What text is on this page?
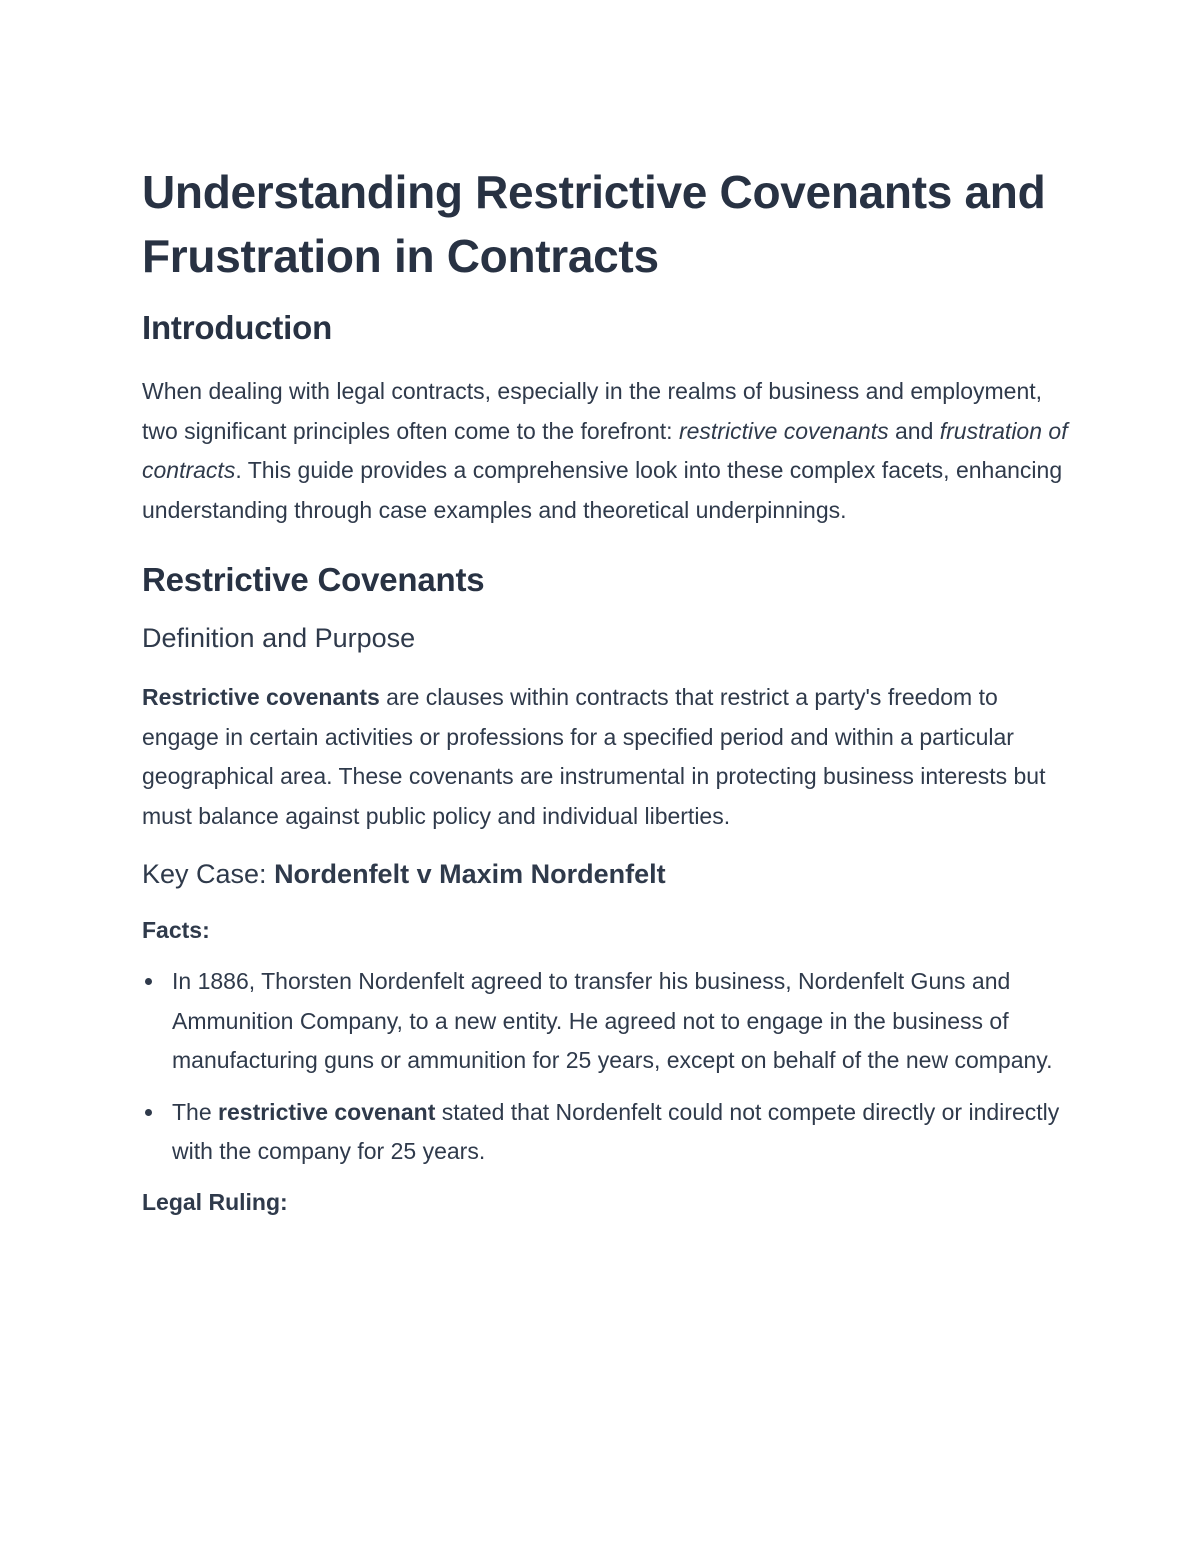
Understanding Restrictive Covenants and Frustration in Contracts
Introduction

When dealing with legal contracts, especially in the realms of business and employment, two significant principles often come to the forefront: restrictive covenants and frustration of contracts. This guide provides a comprehensive look into these complex facets, enhancing understanding through case examples and theoretical underpinnings.

Restrictive Covenants
Definition and Purpose

Restrictive covenants are clauses within contracts that restrict a party's freedom to engage in certain activities or professions for a specified period and within a particular geographical area. These covenants are instrumental in protecting business interests but must balance against public policy and individual liberties.

Key Case: Nordenfelt v Maxim Nordenfelt
Facts:
In 1886, Thorsten Nordenfelt agreed to transfer his business, Nordenfelt Guns and Ammunition Company, to a new entity. He agreed not to engage in the business of manufacturing guns or ammunition for 25 years, except on behalf of the new company.
The restrictive covenant stated that Nordenfelt could not compete directly or indirectly with the company for 25 years.
Legal Ruling:
